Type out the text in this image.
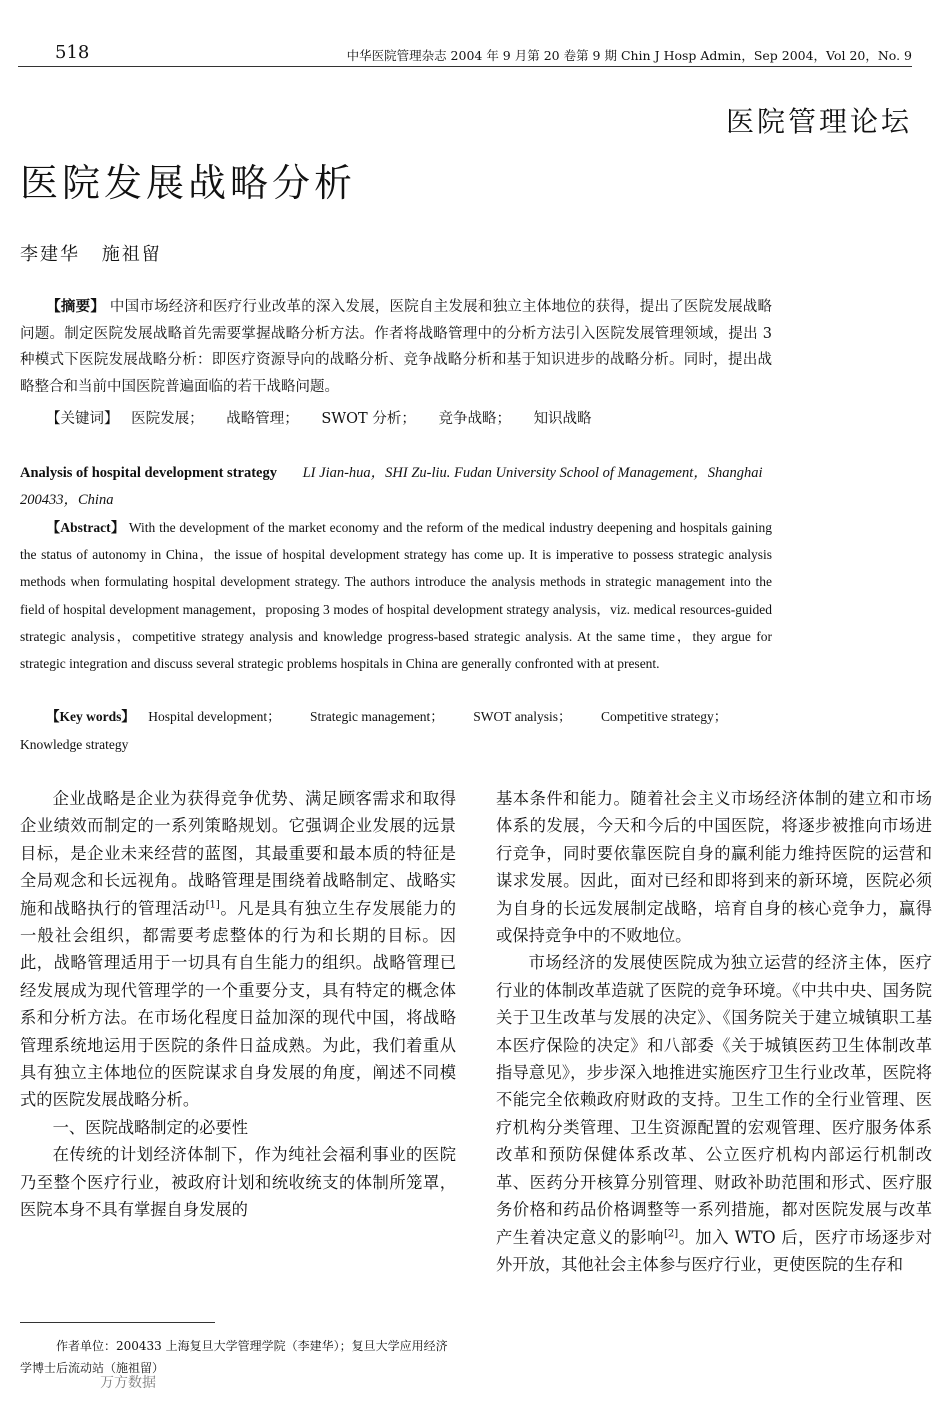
518	中华医院管理杂志 2004 年 9 月第 20 卷第 9 期 Chin J Hosp Admin，Sep 2004，Vol 20，No. 9
医院管理论坛
医院发展战略分析
李建华 施祖留
【摘要】 中国市场经济和医疗行业改革的深入发展，医院自主发展和独立主体地位的获得，提出了医院发展战略问题。制定医院发展战略首先需要掌握战略分析方法。作者将战略管理中的分析方法引入医院发展管理领域，提出 3 种模式下医院发展战略分析：即医疗资源导向的战略分析、竞争战略分析和基于知识进步的战略分析。同时，提出战略整合和当前中国医院普遍面临的若干战略问题。
【关键词】 医院发展； 战略管理； SWOT 分析； 竞争战略； 知识战略
Analysis of hospital development strategy LI Jian-hua，SHI Zu-liu. Fudan University School of Management，Shanghai 200433，China
【Abstract】 With the development of the market economy and the reform of the medical industry deepening and hospitals gaining the status of autonomy in China，the issue of hospital development strategy has come up. It is imperative to possess strategic analysis methods when formulating hospital development strategy. The authors introduce the analysis methods in strategic management into the field of hospital development management，proposing 3 modes of hospital development strategy analysis，viz. medical resources-guided strategic analysis，competitive strategy analysis and knowledge progress-based strategic analysis. At the same time，they argue for strategic integration and discuss several strategic problems hospitals in China are generally confronted with at present.
【Key words】 Hospital development； Strategic management； SWOT analysis； Competitive strategy； Knowledge strategy

企业战略是企业为获得竞争优势、满足顾客需求和取得企业绩效而制定的一系列策略规划。它强调企业发展的远景目标，是企业未来经营的蓝图，其最重要和最本质的特征是全局观念和长远视角。战略管理是围绕着战略制定、战略实施和战略执行的管理活动[1]。凡是具有独立生存发展能力的一般社会组织，都需要考虑整体的行为和长期的目标。因此，战略管理适用于一切具有自生能力的组织。战略管理已经发展成为现代管理学的一个重要分支，具有特定的概念体系和分析方法。在市场化程度日益加深的现代中国，将战略管理系统地运用于医院的条件日益成熟。为此，我们着重从具有独立主体地位的医院谋求自身发展的角度，阐述不同模式的医院发展战略分析。

一、医院战略制定的必要性

在传统的计划经济体制下，作为纯社会福利事业的医院乃至整个医疗行业，被政府计划和统收统支的体制所笼罩，医院本身不具有掌握自身发展的

基本条件和能力。随着社会主义市场经济体制的建立和市场体系的发展，今天和今后的中国医院，将逐步被推向市场进行竞争，同时要依靠医院自身的赢利能力维持医院的运营和谋求发展。因此，面对已经和即将到来的新环境，医院必须为自身的长远发展制定战略，培育自身的核心竞争力，赢得或保持竞争中的不败地位。

市场经济的发展使医院成为独立运营的经济主体，医疗行业的体制改革造就了医院的竞争环境。《中共中央、国务院关于卫生改革与发展的决定》、《国务院关于建立城镇职工基本医疗保险的决定》和八部委《关于城镇医药卫生体制改革指导意见》，步步深入地推进实施医疗卫生行业改革，医院将不能完全依赖政府财政的支持。卫生工作的全行业管理、医疗机构分类管理、卫生资源配置的宏观管理、医疗服务体系改革和预防保健体系改革、公立医疗机构内部运行机制改革、医药分开核算分别管理、财政补助范围和形式、医疗服务价格和药品价格调整等一系列措施，都对医院发展与改革产生着决定意义的影响[2]。加入 WTO 后，医疗市场逐步对外开放，其他社会主体参与医疗行业，更使医院的生存和

作者单位：200433 上海复旦大学管理学院（李建华）；复旦大学应用经济学博士后流动站（施祖留）
万方数据
